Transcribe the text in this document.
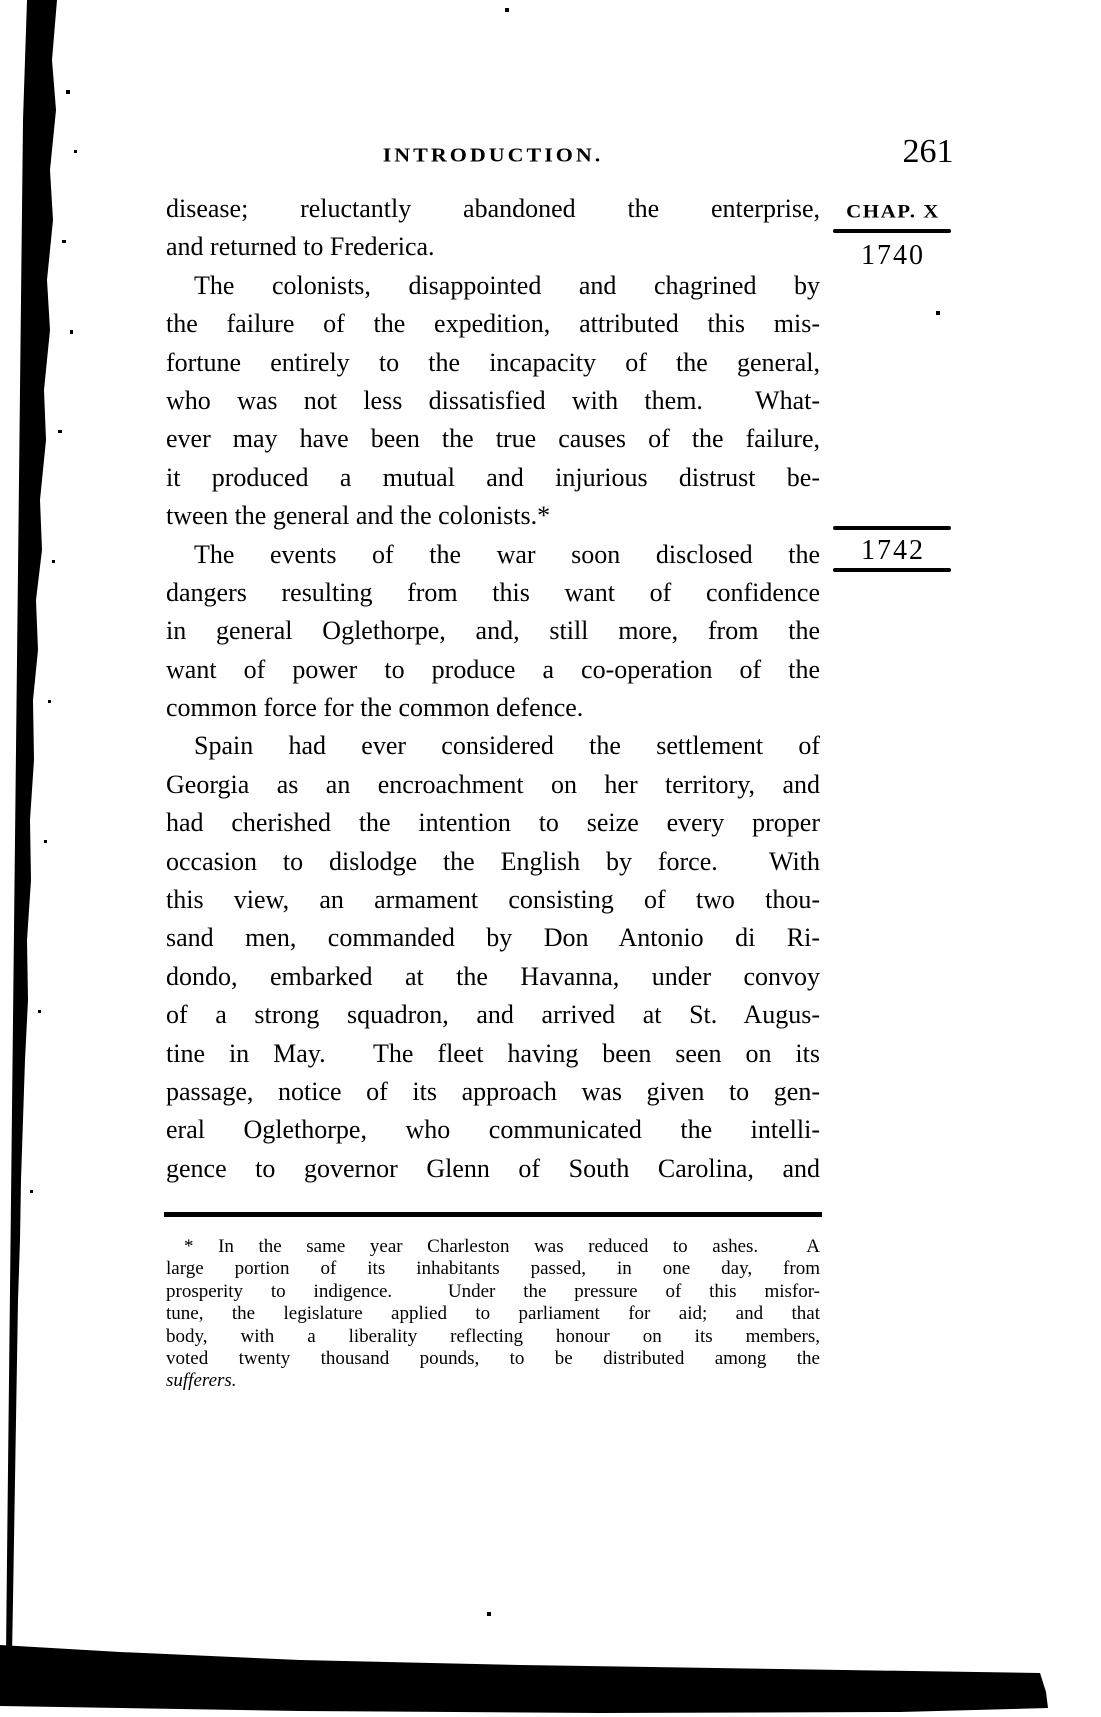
INTRODUCTION.	261
CHAP. X
1740
1742
disease; reluctantly abandoned the enterprise,
and returned to Frederica.
The colonists, disappointed and chagrined by
the failure of the expedition, attributed this mis-
fortune entirely to the incapacity of the general,
who was not less dissatisfied with them.  What-
ever may have been the true causes of the failure,
it produced a mutual and injurious distrust be-
tween the general and the colonists.*
The events of the war soon disclosed the
dangers resulting from this want of confidence
in general Oglethorpe, and, still more, from the
want of power to produce a co-operation of the
common force for the common defence.
Spain had ever considered the settlement of
Georgia as an encroachment on her territory, and
had cherished the intention to seize every proper
occasion to dislodge the English by force.  With
this view, an armament consisting of two thou-
sand men, commanded by Don Antonio di Ri-
dondo, embarked at the Havanna, under convoy
of a strong squadron, and arrived at St. Augus-
tine in May.  The fleet having been seen on its
passage, notice of its approach was given to gen-
eral Oglethorpe, who communicated the intelli-
gence to governor Glenn of South Carolina, and
* In the same year Charleston was reduced to ashes.  A
large portion of its inhabitants passed, in one day, from
prosperity to indigence.  Under the pressure of this misfor-
tune, the legislature applied to parliament for aid; and that
body, with a liberality reflecting honour on its members,
voted twenty thousand pounds, to be distributed among the
sufferers.
